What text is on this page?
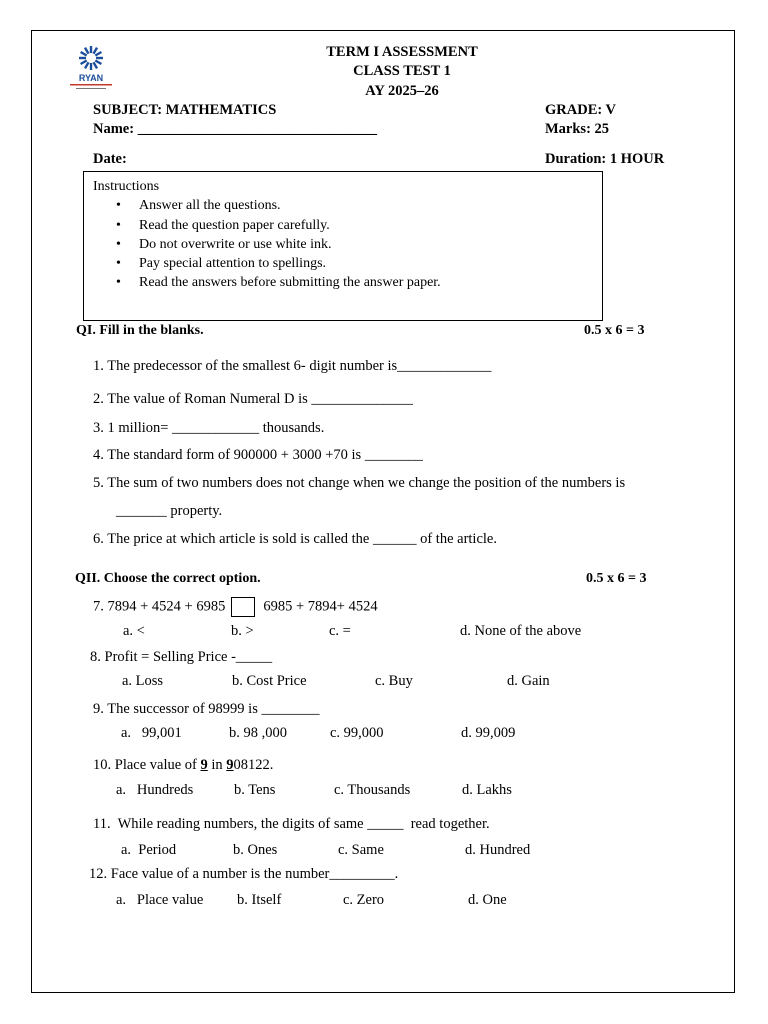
RYAN
TERM I ASSESSMENT
CLASS TEST 1
AY 2025–26
SUBJECT: MATHEMATICS	GRADE: V
Name: _________________________________	Marks: 25
Date:	Duration: 1 HOUR
Instructions
• Answer all the questions.
• Read the question paper carefully.
• Do not overwrite or use white ink.
• Pay special attention to spellings.
• Read the answers before submitting the answer paper.
QI. Fill in the blanks.	0.5 x 6 = 3
1. The predecessor of the smallest 6- digit number is_____________
2. The value of Roman Numeral D is ______________
3. 1 million= ____________ thousands.
4. The standard form of 900000 + 3000 +70 is ________
5. The sum of two numbers does not change when we change the position of the numbers is
_______ property.
6. The price at which article is sold is called the ______ of the article.
QII. Choose the correct option.	0.5 x 6 = 3
7. 7894 + 4524 + 6985	6985 + 7894+ 4524
a. <	b. >	c. =	d. None of the above
8. Profit = Selling Price -_____
a. Loss	b. Cost Price	c. Buy	d. Gain
9. The successor of 98999 is ________
a.   99,001	b. 98 ,000	c. 99,000	d. 99,009
10. Place value of 9 in 908122.
a.   Hundreds	b. Tens	c. Thousands	d. Lakhs
11.  While reading numbers, the digits of same _____  read together.
a.  Period	b. Ones	c. Same	d. Hundred
12. Face value of a number is the number_________.
a.   Place value b. Itself	c. Zero	d. One
